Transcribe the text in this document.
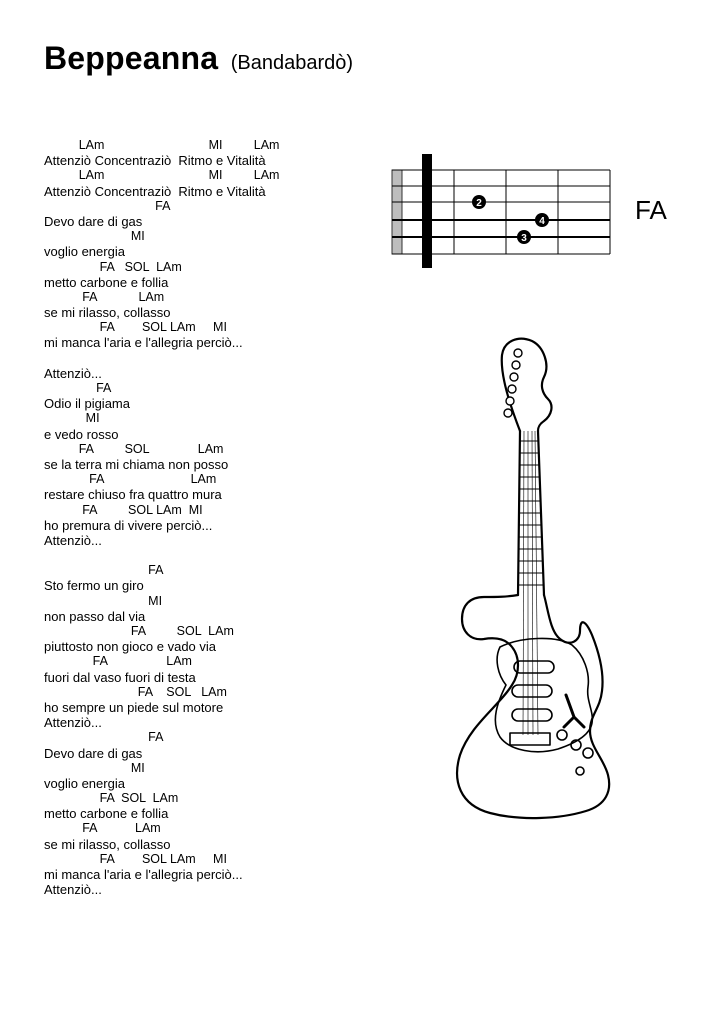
Beppeanna (Bandabardò)
LAm                              MI         LAm
Attenziò Concentraziò  Ritmo e Vitalità
LAm                              MI         LAm
Attenziò Concentraziò  Ritmo e Vitalità
FA
Devo dare di gas
MI
voglio energia
FA   SOL  LAm
metto carbone e follia
FA            LAm
se mi rilasso, collasso
FA        SOL LAm     MI
mi manca l'aria e l'allegria perciò...
Attenziò...
FA
Odio il pigiama
MI
e vedo rosso
FA         SOL              LAm
se la terra mi chiama non posso
FA                         LAm
restare chiuso fra quattro mura
FA         SOL LAm  MI
ho premura di vivere perciò...
Attenziò...
FA
Sto fermo un giro
MI
non passo dal via
FA         SOL  LAm
piuttosto non gioco e vado via
FA                 LAm
fuori dal vaso fuori di testa
FA    SOL   LAm
ho sempre un piede sul motore
Attenziò...
FA
Devo dare di gas
MI
voglio energia
FA  SOL  LAm
metto carbone e follia
FA           LAm
se mi rilasso, collasso
FA        SOL LAm     MI
mi manca l'aria e l'allegria perciò...
Attenziò...
2
4
3
FA
